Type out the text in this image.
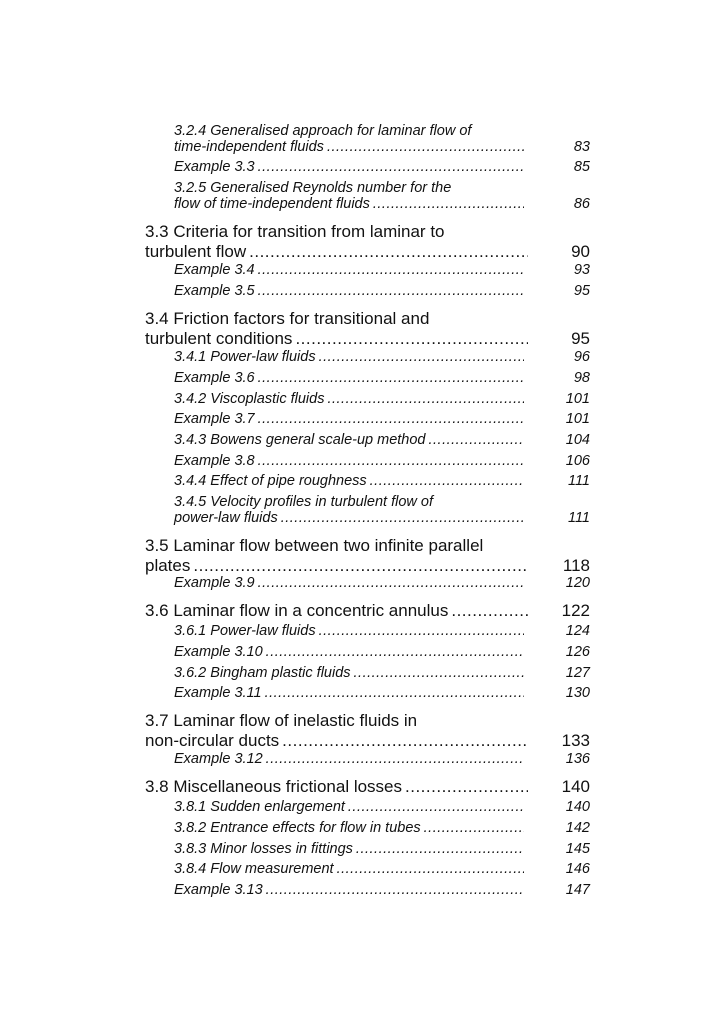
3.2.4 Generalised approach for laminar flow of
time-independent fluids .....	83
Example 3.3 .....	85
3.2.5 Generalised Reynolds number for the
flow of time-independent fluids .....	86
3.3 Criteria for transition from laminar to
turbulent flow .....	90
Example 3.4 .....	93
Example 3.5 .....	95
3.4 Friction factors for transitional and
turbulent conditions .....	95
3.4.1 Power-law fluids .....	96
Example 3.6 .....	98
3.4.2 Viscoplastic fluids .....	101
Example 3.7 .....	101
3.4.3 Bowens general scale-up method .....	104
Example 3.8 .....	106
3.4.4 Effect of pipe roughness .....	111
3.4.5 Velocity profiles in turbulent flow of
power-law fluids .....	111
3.5 Laminar flow between two infinite parallel
plates .....	118
Example 3.9 .....	120
3.6 Laminar flow in a concentric annulus .....	122
3.6.1 Power-law fluids .....	124
Example 3.10 .....	126
3.6.2 Bingham plastic fluids .....	127
Example 3.11 .....	130
3.7 Laminar flow of inelastic fluids in
non-circular ducts .....	133
Example 3.12 .....	136
3.8 Miscellaneous frictional losses .....	140
3.8.1 Sudden enlargement .....	140
3.8.2 Entrance effects for flow in tubes .....	142
3.8.3 Minor losses in fittings .....	145
3.8.4 Flow measurement .....	146
Example 3.13 .....	147
